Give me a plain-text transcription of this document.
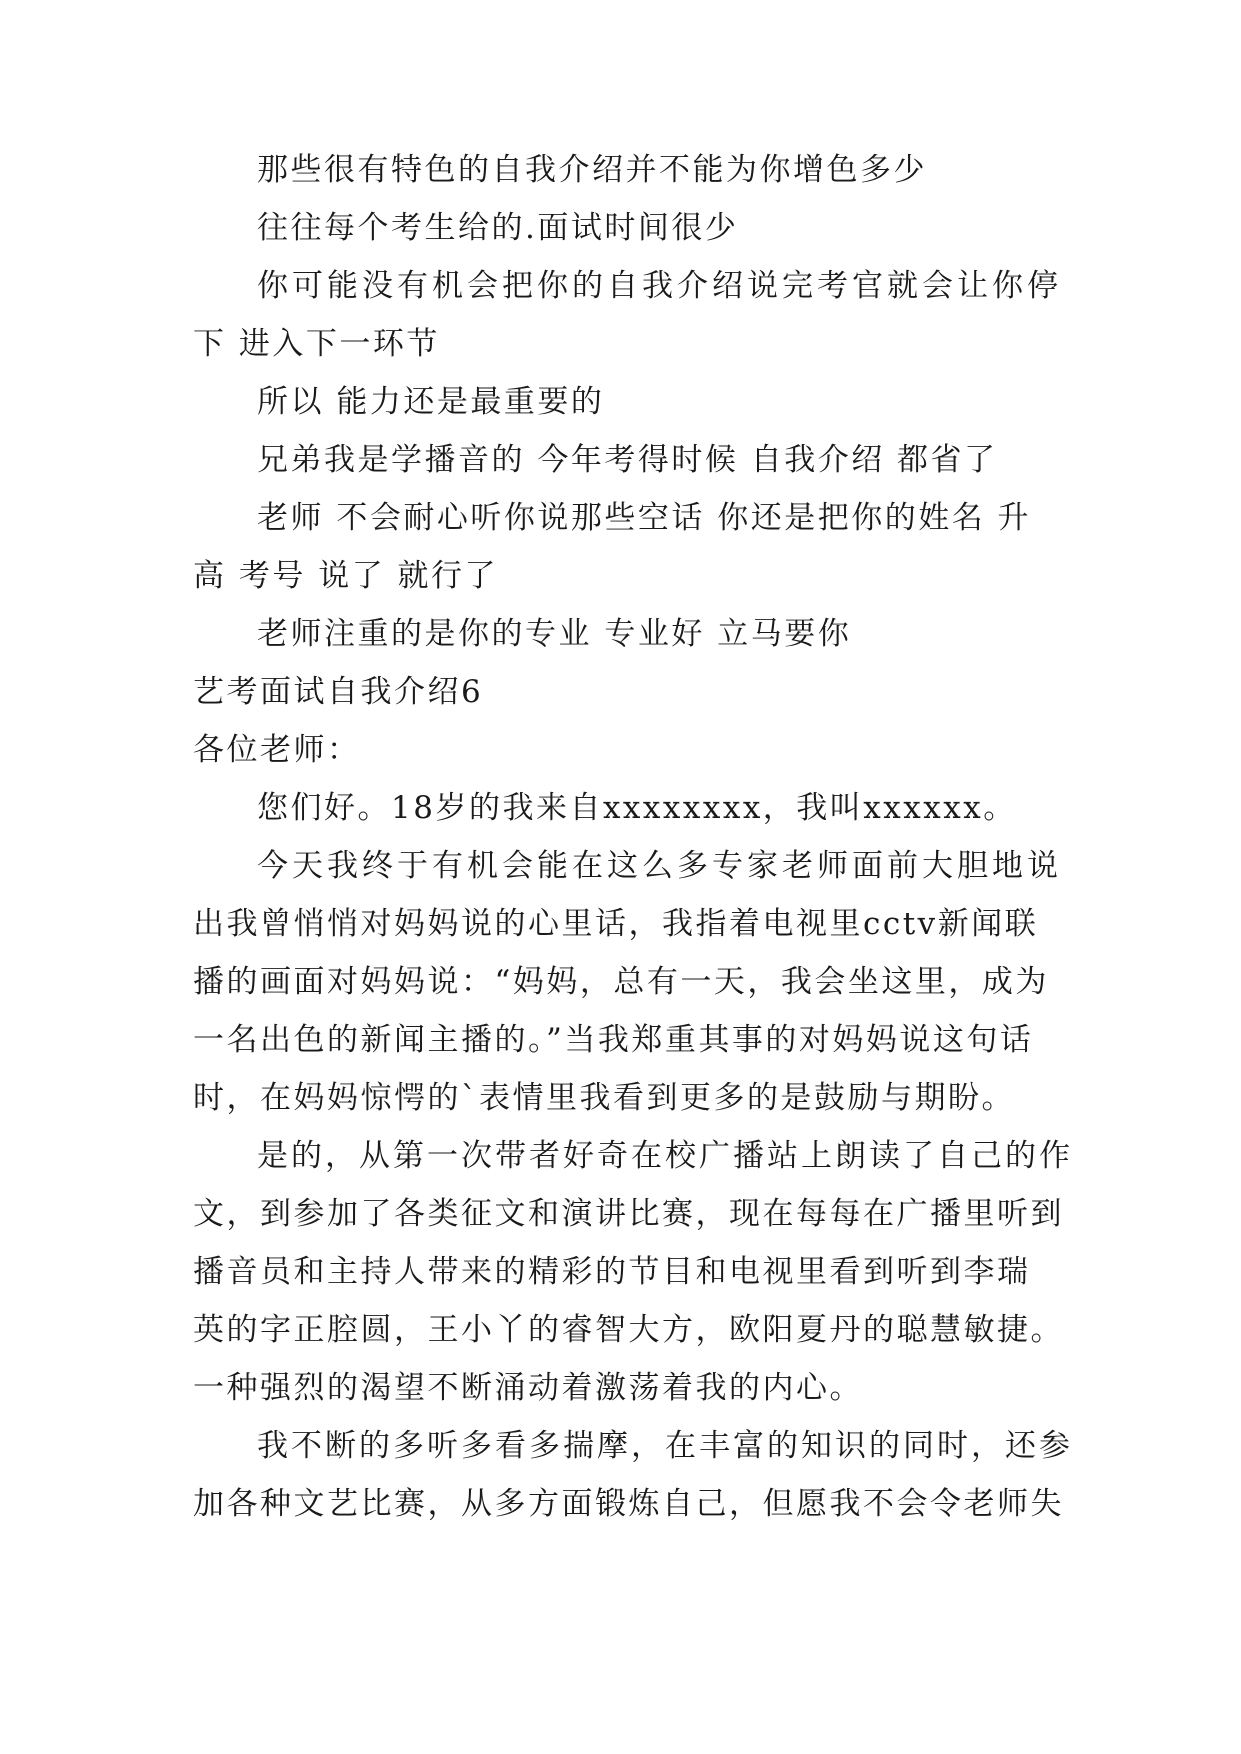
那些很有特色的自我介绍并不能为你增色多少
往往每个考生给的.面试时间很少
你可能没有机会把你的自我介绍说完考官就会让你停
下 进入下一环节
所以 能力还是最重要的
兄弟我是学播音的 今年考得时候 自我介绍 都省了
老师 不会耐心听你说那些空话 你还是把你的姓名 升
高 考号 说了 就行了
老师注重的是你的专业 专业好 立马要你
艺考面试自我介绍6
各位老师：
您们好。18岁的我来自xxxxxxxx，我叫xxxxxx。
今天我终于有机会能在这么多专家老师面前大胆地说
出我曾悄悄对妈妈说的心里话，我指着电视里cctv新闻联
播的画面对妈妈说：“妈妈，总有一天，我会坐这里，成为
一名出色的新闻主播的。”当我郑重其事的对妈妈说这句话
时，在妈妈惊愕的`表情里我看到更多的是鼓励与期盼。
是的，从第一次带者好奇在校广播站上朗读了自己的作
文，到参加了各类征文和演讲比赛，现在每每在广播里听到
播音员和主持人带来的精彩的节目和电视里看到听到李瑞
英的字正腔圆，王小丫的睿智大方，欧阳夏丹的聪慧敏捷。
一种强烈的渴望不断涌动着激荡着我的内心。
我不断的多听多看多揣摩，在丰富的知识的同时，还参
加各种文艺比赛，从多方面锻炼自己，但愿我不会令老师失
